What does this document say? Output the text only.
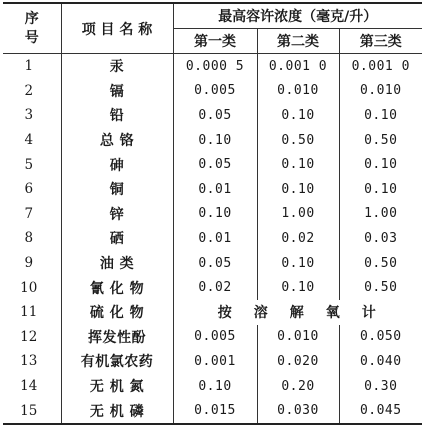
序
号	项 目 名 称	最高容许浓度（毫克/升）		
		第一类	第二类	第三类
1	汞	0.000 5	0.001 0	0.001 0
2	镉	0.005	0.010	0.010
3	铅	0.05	0.10	0.10
4	总 铬	0.10	0.50	0.50
5	砷	0.05	0.10	0.10
6	铜	0.01	0.10	0.10
7	锌	0.10	1.00	1.00
8	硒	0.01	0.02	0.03
9	油 类	0.05	0.10	0.50
10	氰 化 物	0.02	0.10	0.50
11	硫 化 物	按溶解氧计		
12	挥发性酚	0.005	0.010	0.050
13	有机氯农药	0.001	0.020	0.040
14	无 机 氮	0.10	0.20	0.30
15	无 机 磷	0.015	0.030	0.045
